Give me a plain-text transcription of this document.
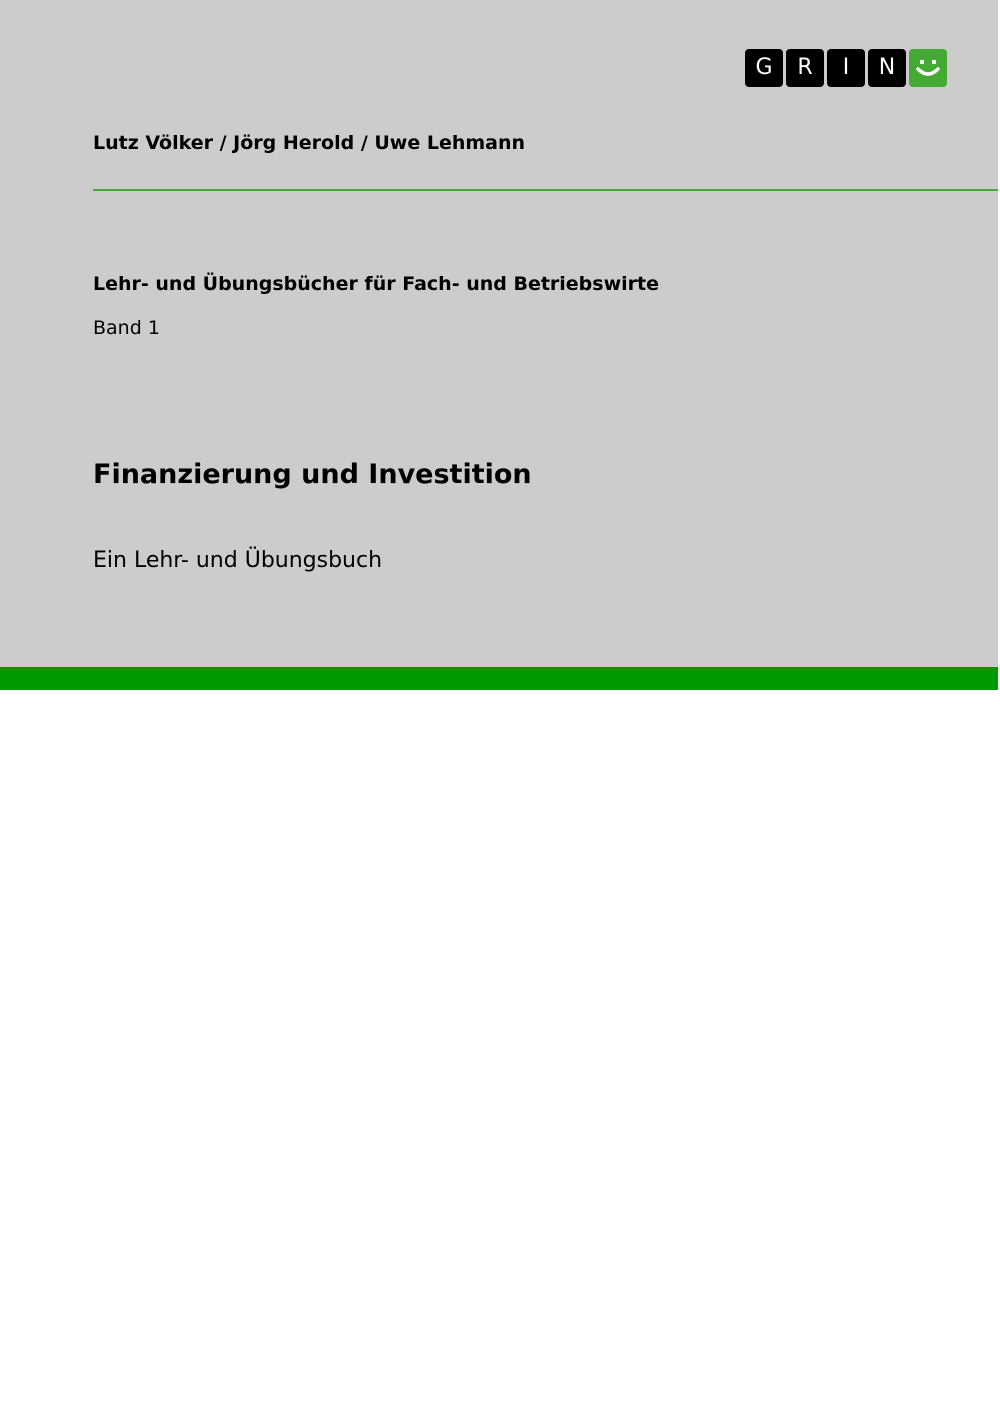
G	R	I	N
Lutz Völker / Jörg Herold / Uwe Lehmann
Lehr- und Übungsbücher für Fach- und Betriebswirte
Band 1
Finanzierung und Investition
Ein Lehr- und Übungsbuch
